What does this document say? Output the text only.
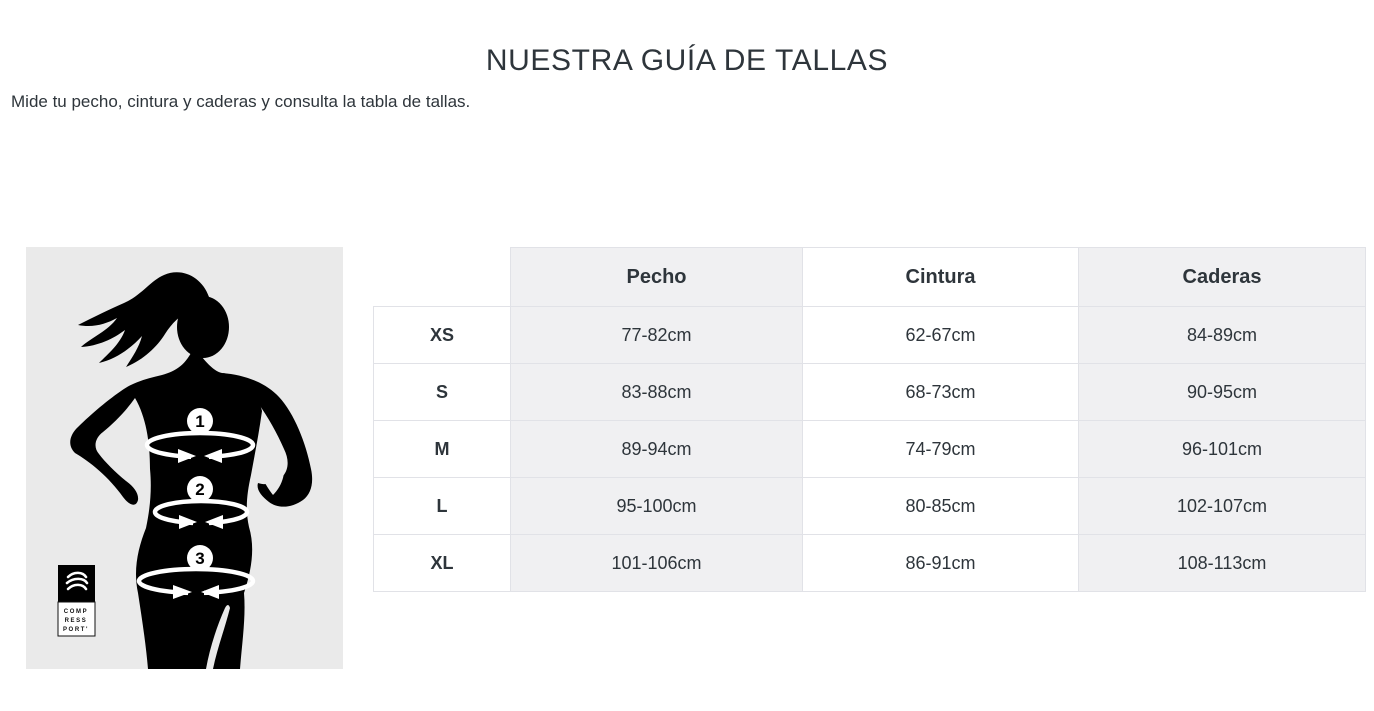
NUESTRA GUÍA DE TALLAS

Mide tu pecho, cintura y caderas y consulta la tabla de tallas.

1
2
3
COMP
RESS
PORT'
	Pecho	Cintura	Caderas
XS	77-82cm	62-67cm	84-89cm
S	83-88cm	68-73cm	90-95cm
M	89-94cm	74-79cm	96-101cm
L	95-100cm	80-85cm	102-107cm
XL	101-106cm	86-91cm	108-113cm
